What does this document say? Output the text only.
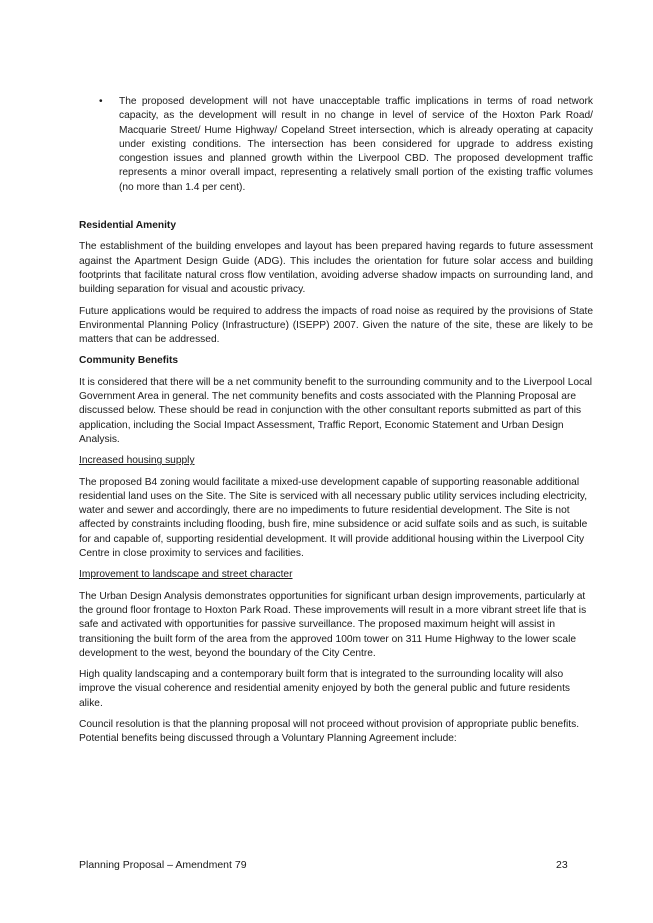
• The proposed development will not have unacceptable traffic implications in terms of road network capacity, as the development will result in no change in level of service of the Hoxton Park Road/ Macquarie Street/ Hume Highway/ Copeland Street intersection, which is already operating at capacity under existing conditions. The intersection has been considered for upgrade to address existing congestion issues and planned growth within the Liverpool CBD. The proposed development traffic represents a minor overall impact, representing a relatively small portion of the existing traffic volumes (no more than 1.4 per cent).

Residential Amenity

The establishment of the building envelopes and layout has been prepared having regards to future assessment against the Apartment Design Guide (ADG). This includes the orientation for future solar access and building footprints that facilitate natural cross flow ventilation, avoiding adverse shadow impacts on surrounding land, and building separation for visual and acoustic privacy.

Future applications would be required to address the impacts of road noise as required by the provisions of State Environmental Planning Policy (Infrastructure) (ISEPP) 2007. Given the nature of the site, these are likely to be matters that can be addressed.

Community Benefits

It is considered that there will be a net community benefit to the surrounding community and to the Liverpool Local Government Area in general. The net community benefits and costs associated with the Planning Proposal are discussed below. These should be read in conjunction with the other consultant reports submitted as part of this application, including the Social Impact Assessment, Traffic Report, Economic Statement and Urban Design Analysis.

Increased housing supply

The proposed B4 zoning would facilitate a mixed-use development capable of supporting reasonable additional residential land uses on the Site. The Site is serviced with all necessary public utility services including electricity, water and sewer and accordingly, there are no impediments to future residential development. The Site is not affected by constraints including flooding, bush fire, mine subsidence or acid sulfate soils and as such, is suitable for and capable of, supporting residential development. It will provide additional housing within the Liverpool City Centre in close proximity to services and facilities.

Improvement to landscape and street character

The Urban Design Analysis demonstrates opportunities for significant urban design improvements, particularly at the ground floor frontage to Hoxton Park Road. These improvements will result in a more vibrant street life that is safe and activated with opportunities for passive surveillance. The proposed maximum height will assist in transitioning the built form of the area from the approved 100m tower on 311 Hume Highway to the lower scale development to the west, beyond the boundary of the City Centre.

High quality landscaping and a contemporary built form that is integrated to the surrounding locality will also improve the visual coherence and residential amenity enjoyed by both the general public and future residents alike.

Council resolution is that the planning proposal will not proceed without provision of appropriate public benefits. Potential benefits being discussed through a Voluntary Planning Agreement include:

Planning Proposal – Amendment 79	23
